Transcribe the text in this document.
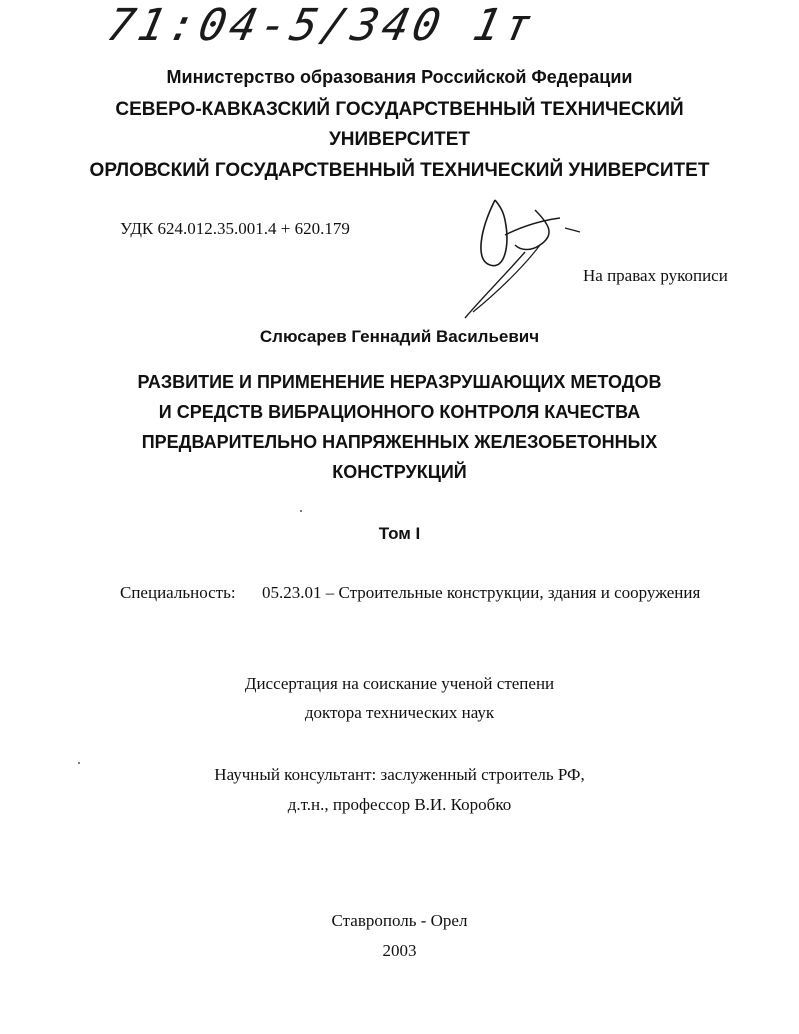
71:04-5/340 1т
Министерство образования Российской Федерации
СЕВЕРО-КАВКАЗСКИЙ ГОСУДАРСТВЕННЫЙ ТЕХНИЧЕСКИЙ
УНИВЕРСИТЕТ
ОРЛОВСКИЙ ГОСУДАРСТВЕННЫЙ ТЕХНИЧЕСКИЙ УНИВЕРСИТЕТ
УДК 624.012.35.001.4 + 620.179
На правах рукописи
Слюсарев Геннадий Васильевич
РАЗВИТИЕ И ПРИМЕНЕНИЕ НЕРАЗРУШАЮЩИХ МЕТОДОВ
И СРЕДСТВ ВИБРАЦИОННОГО КОНТРОЛЯ КАЧЕСТВА
ПРЕДВАРИТЕЛЬНО НАПРЯЖЕННЫХ ЖЕЛЕЗОБЕТОННЫХ
КОНСТРУКЦИЙ
Том I
Специальность: 05.23.01 – Строительные конструкции, здания и сооружения
Диссертация на соискание ученой степени
доктора технических наук
Научный консультант: заслуженный строитель РФ,
д.т.н., профессор В.И. Коробко
Ставрополь - Орел
2003
